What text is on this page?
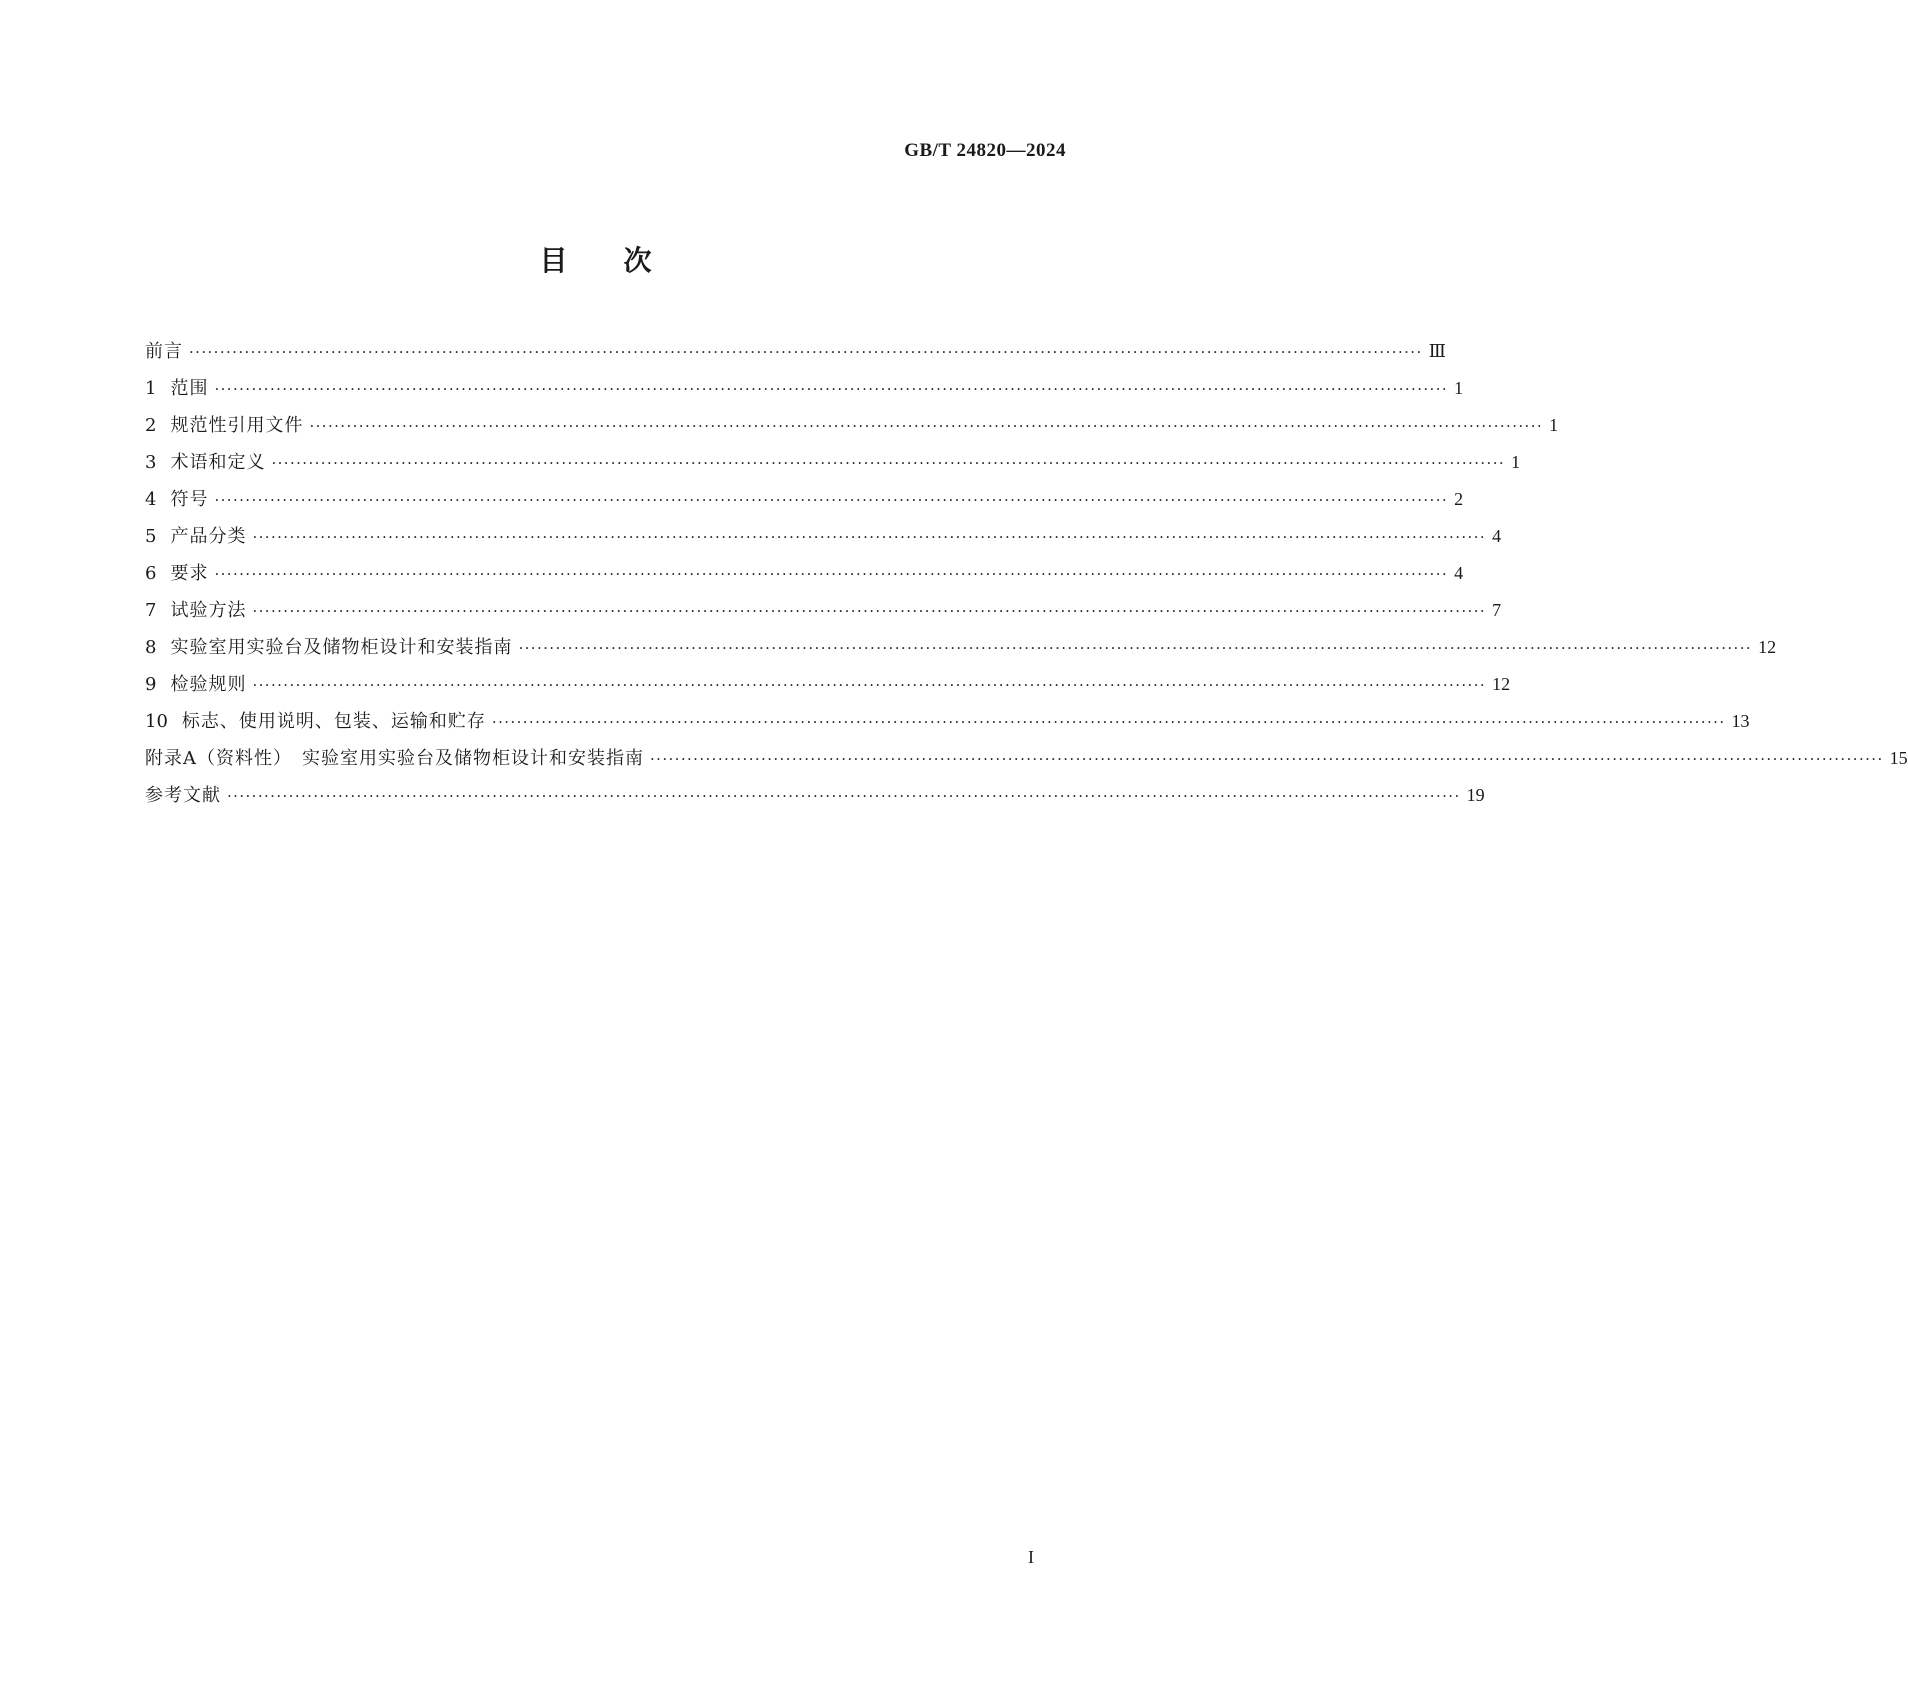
GB/T 24820—2024
目次
前言 ········································································································································································································ Ⅲ
1 范围 ········································································································································································································ 1
2 规范性引用文件 ········································································································································································································ 1
3 术语和定义 ········································································································································································································ 1
4 符号 ········································································································································································································ 2
5 产品分类 ········································································································································································································ 4
6 要求 ········································································································································································································ 4
7 试验方法 ········································································································································································································ 7
8 实验室用实验台及储物柜设计和安装指南 ········································································································································································································ 12
9 检验规则 ········································································································································································································ 12
10 标志、使用说明、包装、运输和贮存 ········································································································································································································ 13
附录A（资料性）　实验室用实验台及储物柜设计和安装指南 ········································································································································································································ 15
参考文献 ········································································································································································································ 19
I
